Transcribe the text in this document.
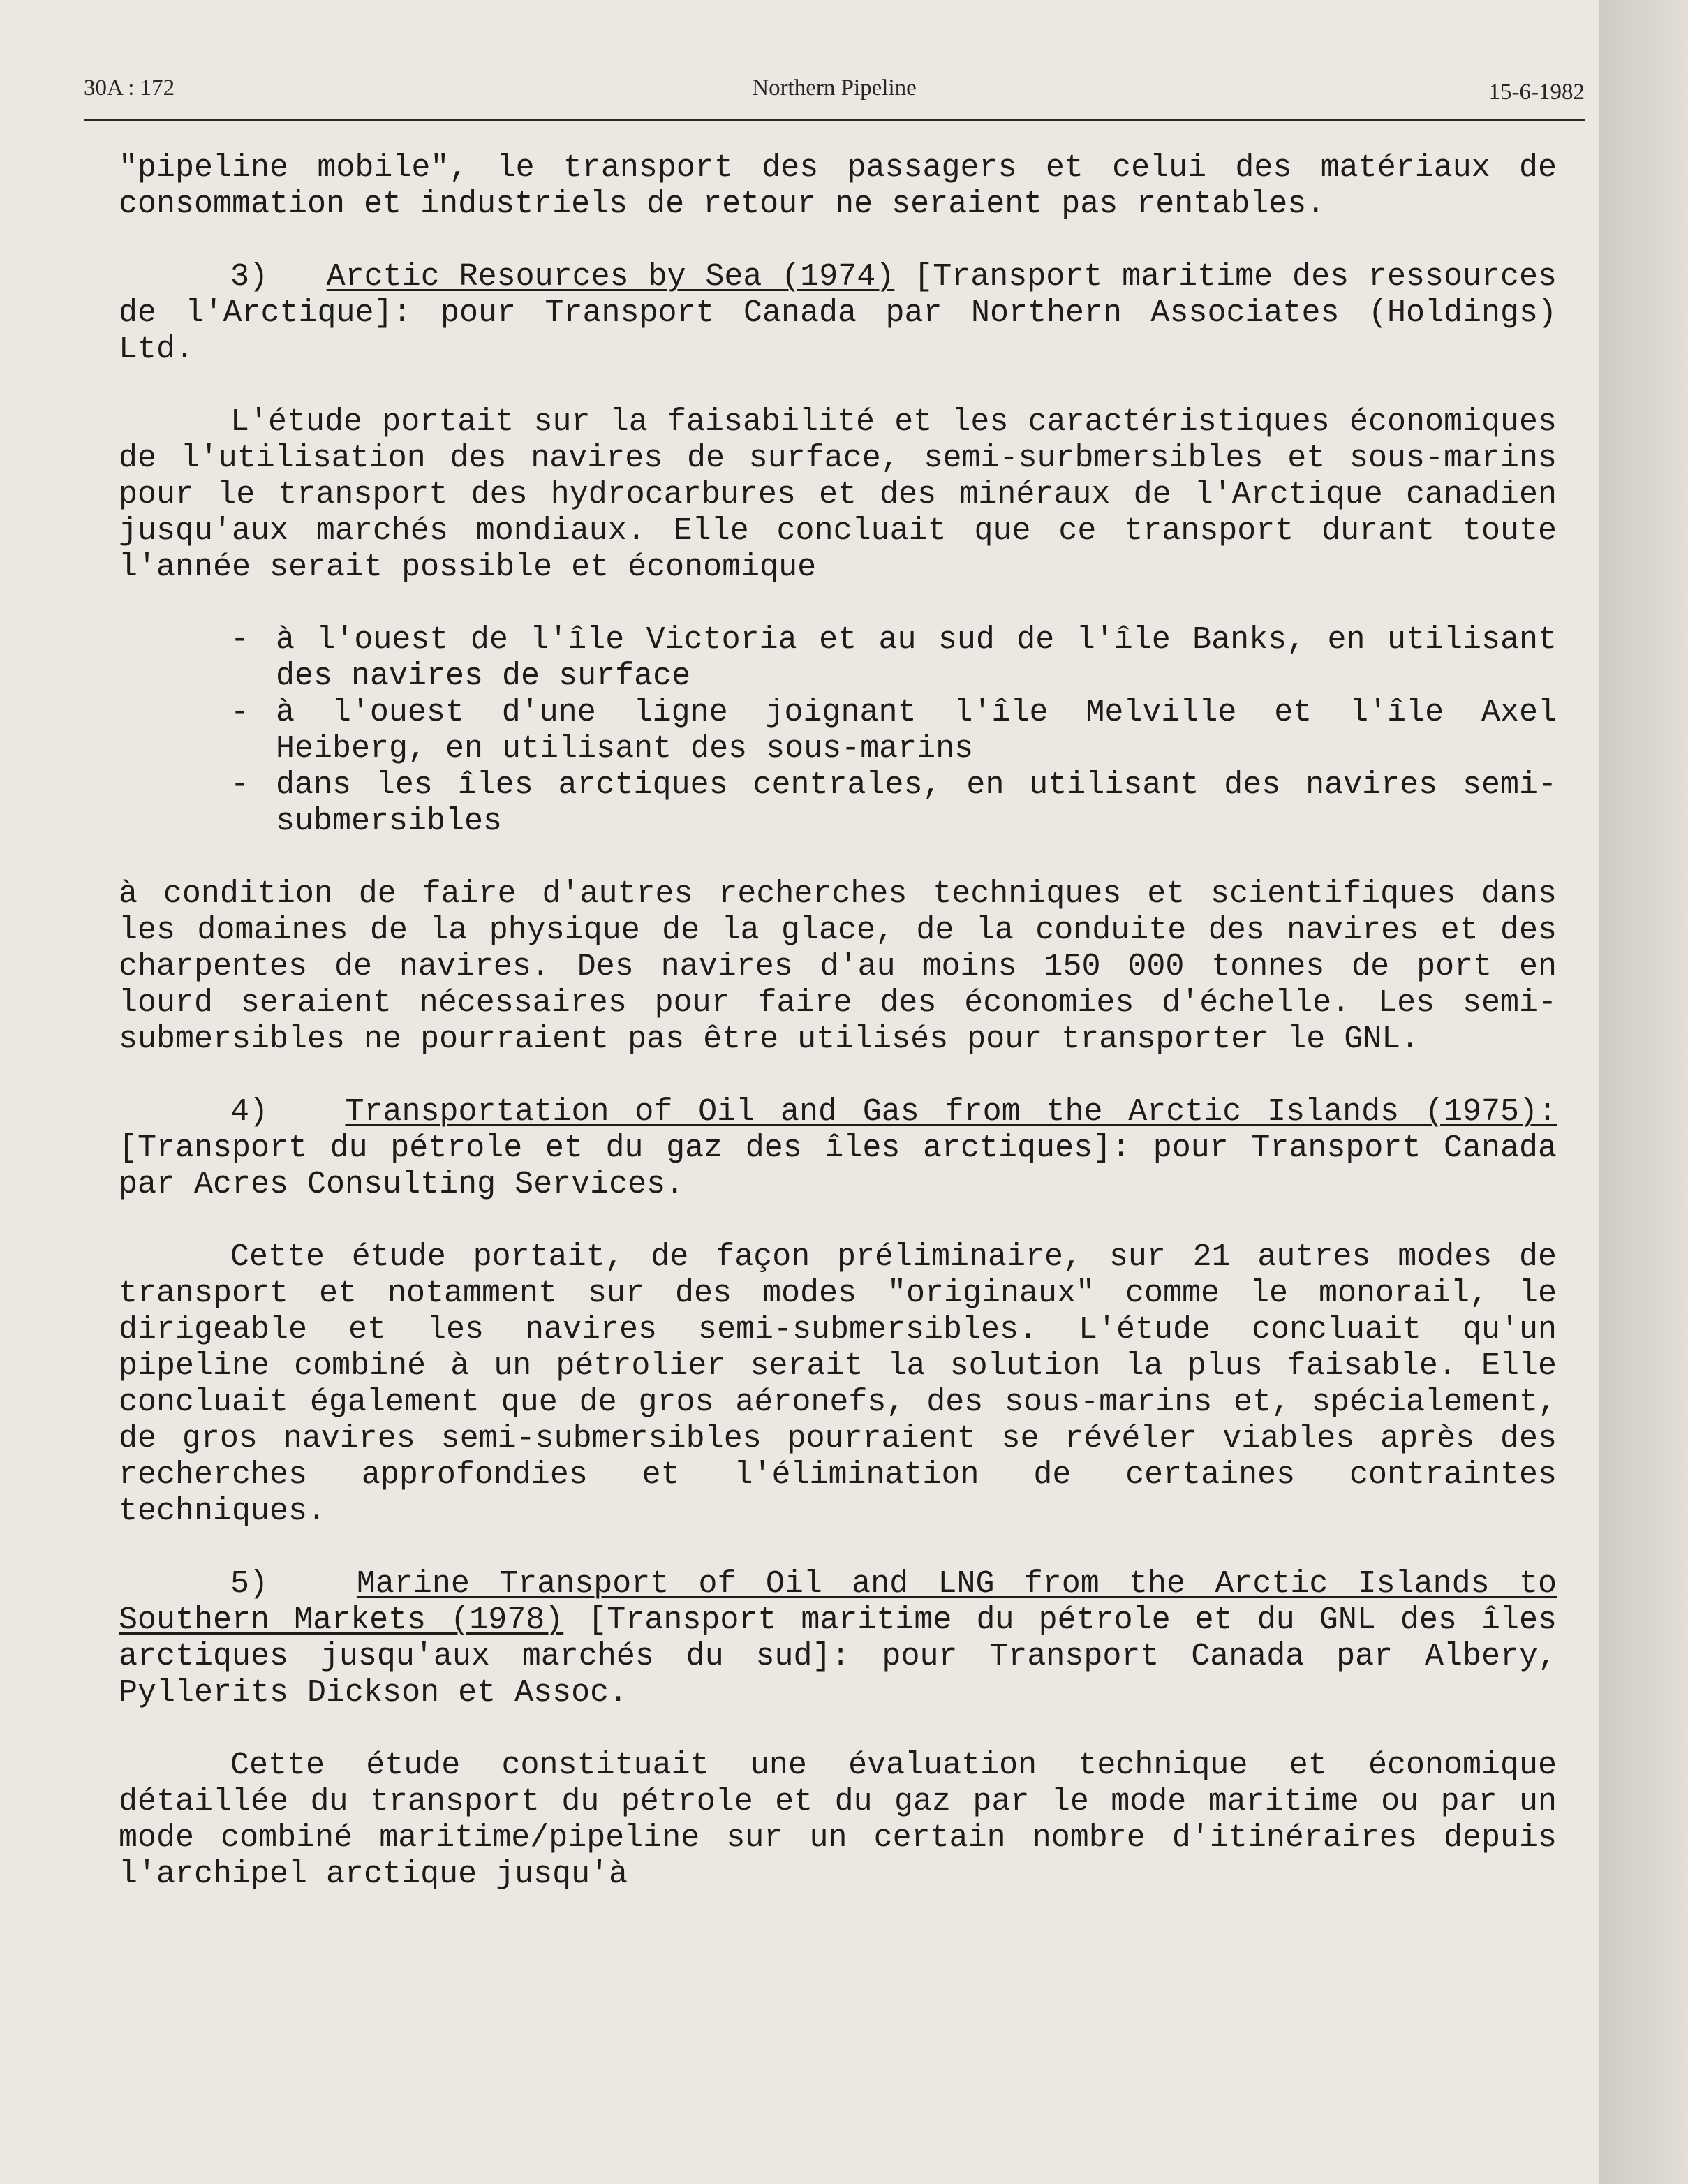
30A : 172	Northern Pipeline	15-6-1982

"pipeline mobile", le transport des passagers et celui des matériaux de consommation et industriels de retour ne seraient pas rentables.

3) Arctic Resources by Sea (1974) [Transport maritime des ressources de l'Arctique]: pour Transport Canada par Northern Associates (Holdings) Ltd.

L'étude portait sur la faisabilité et les caractéristiques économiques de l'utilisation des navires de surface, semi-surbmersibles et sous-marins pour le transport des hydrocarbures et des minéraux de l'Arctique canadien jusqu'aux marchés mondiaux. Elle concluait que ce transport durant toute l'année serait possible et économique

- à l'ouest de l'île Victoria et au sud de l'île Banks, en utilisant des navires de surface
- à l'ouest d'une ligne joignant l'île Melville et l'île Axel Heiberg, en utilisant des sous-marins
- dans les îles arctiques centrales, en utilisant des navires semi-submersibles

à condition de faire d'autres recherches techniques et scientifiques dans les domaines de la physique de la glace, de la conduite des navires et des charpentes de navires. Des navires d'au moins 150 000 tonnes de port en lourd seraient nécessaires pour faire des économies d'échelle. Les semi-submersibles ne pourraient pas être utilisés pour transporter le GNL.

4) Transportation of Oil and Gas from the Arctic Islands (1975): [Transport du pétrole et du gaz des îles arctiques]: pour Transport Canada par Acres Consulting Services.

Cette étude portait, de façon préliminaire, sur 21 autres modes de transport et notamment sur des modes "originaux" comme le monorail, le dirigeable et les navires semi-submersibles. L'étude concluait qu'un pipeline combiné à un pétrolier serait la solution la plus faisable. Elle concluait également que de gros aéronefs, des sous-marins et, spécialement, de gros navires semi-submersibles pourraient se révéler viables après des recherches approfondies et l'élimination de certaines contraintes techniques.

5)	Marine Transport of Oil and LNG from the Arctic Islands to Southern Markets (1978) [Transport maritime du pétrole et du GNL des îles arctiques jusqu'aux marchés du sud]: pour Transport Canada par Albery, Pyllerits Dickson et Assoc.

Cette étude constituait une évaluation technique et économique détaillée du transport du pétrole et du gaz par le mode maritime ou par un mode combiné maritime/pipeline sur un certain nombre d'itinéraires depuis l'archipel arctique jusqu'à
